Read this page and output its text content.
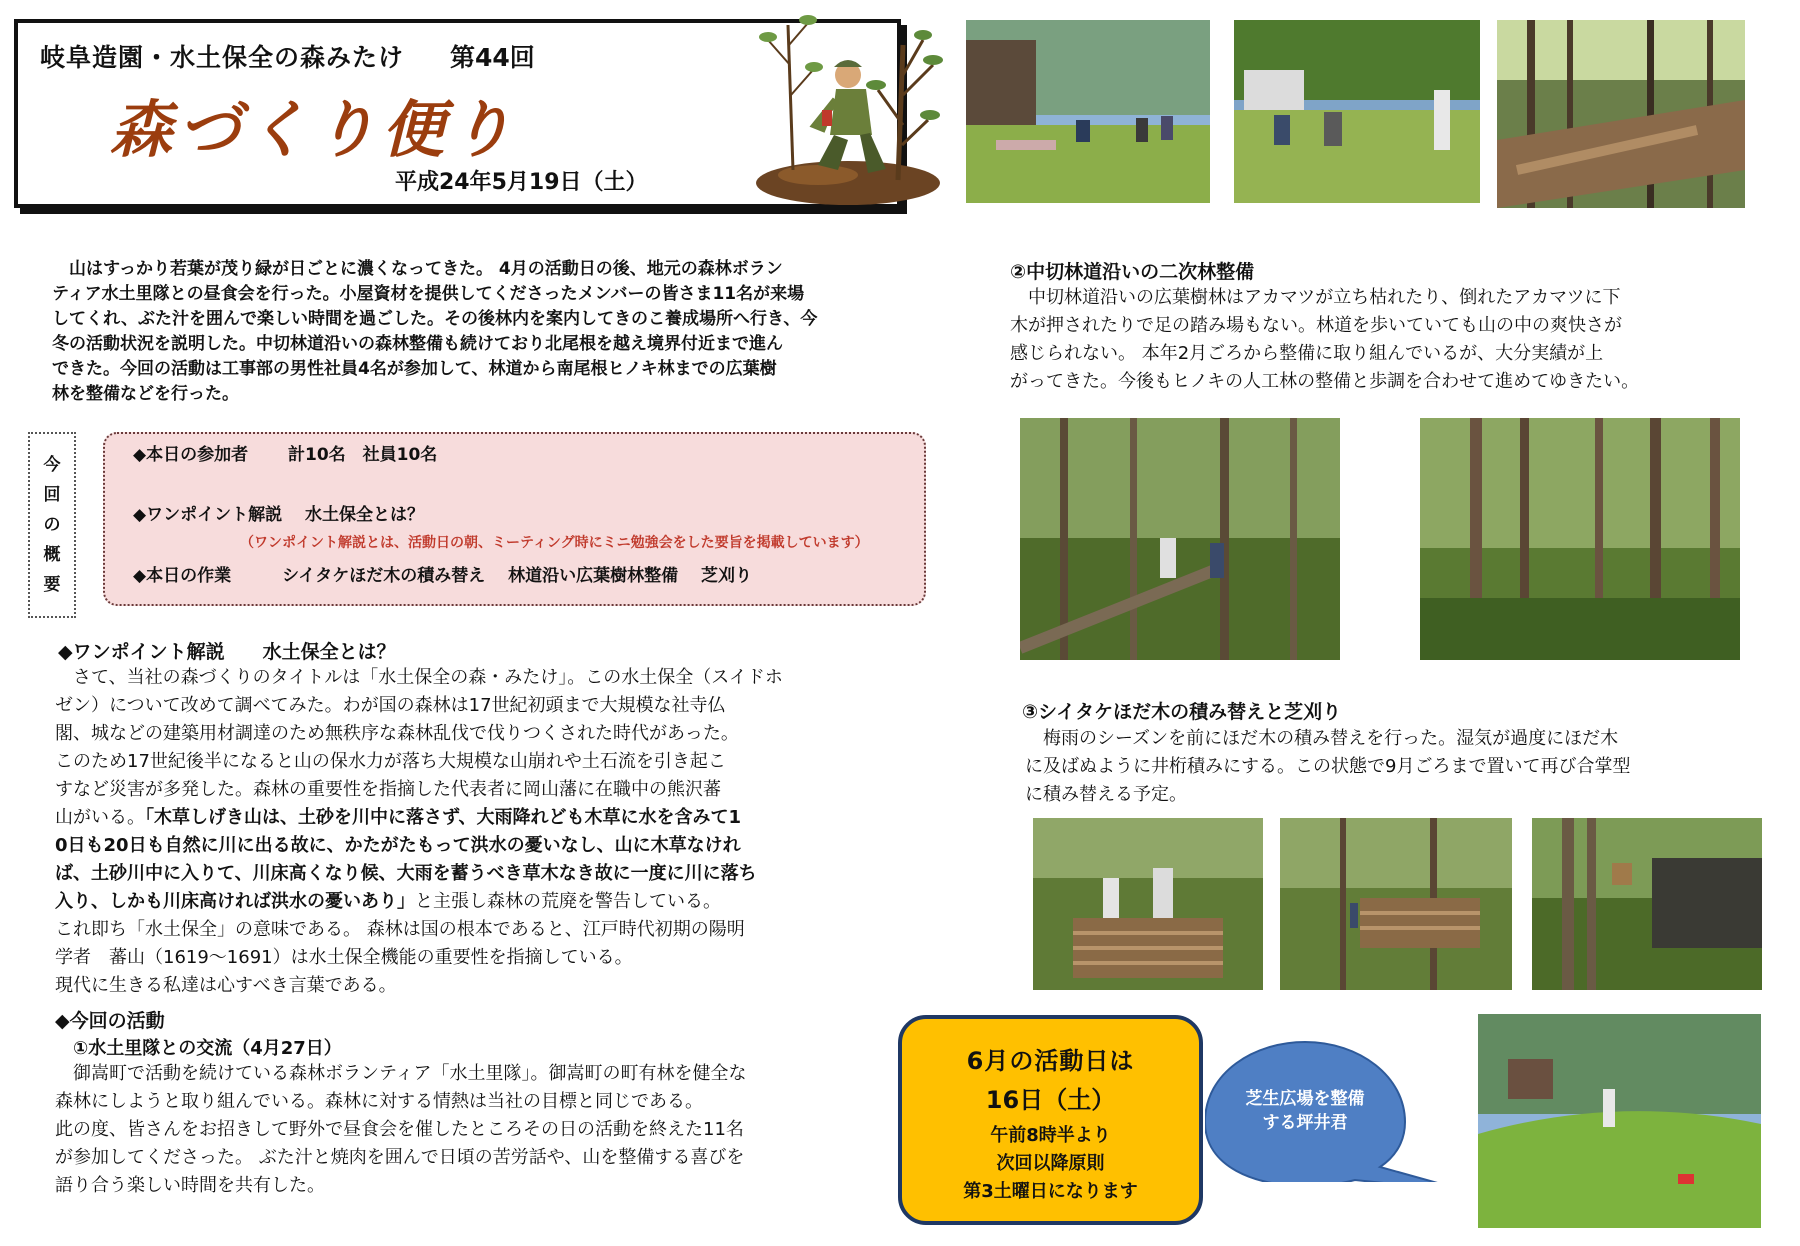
岐阜造園・水土保全の森みたけ 第44回
森づくり便り
平成24年5月19日（土）
　山はすっかり若葉が茂り緑が日ごとに濃くなってきた。 4月の活動日の後、地元の森林ボラン
ティア水土里隊との昼食会を行った。小屋資材を提供してくださったメンバーの皆さま11名が来場
してくれ、ぶた汁を囲んで楽しい時間を過ごした。その後林内を案内してきのこ養成場所へ行き、今
冬の活動状況を説明した。中切林道沿いの森林整備も続けており北尾根を越え境界付近まで進ん
できた。今回の活動は工事部の男性社員4名が参加して、林道から南尾根ヒノキ林までの広葉樹
林を整備などを行った。
今
回
の
概
要
◆本日の参加者　　 計10名　社員10名
◆ワンポイント解説　 水土保全とは？
（ワンポイント解説とは、活動日の朝、ミーティング時にミニ勉強会をした要旨を掲載しています）
◆本日の作業　　　シイタケほだ木の積み替え　 林道沿い広葉樹林整備　 芝刈り
◆ワンポイント解説　　水土保全とは？
　さて、当社の森づくりのタイトルは「水土保全の森・みたけ」。この水土保全（スイドホ
ゼン）について改めて調べてみた。わが国の森林は17世紀初頭まで大規模な社寺仏
閣、城などの建築用材調達のため無秩序な森林乱伐で伐りつくされた時代があった。
このため17世紀後半になると山の保水力が落ち大規模な山崩れや土石流を引き起こ
すなど災害が多発した。森林の重要性を指摘した代表者に岡山藩に在職中の熊沢蕃
山がいる。「木草しげき山は、土砂を川中に落さず、大雨降れども木草に水を含みて1
0日も20日も自然に川に出る故に、かたがたもって洪水の憂いなし、山に木草なけれ
ば、土砂川中に入りて、川床高くなり候、大雨を蓄うべき草木なき故に一度に川に落ち
入り、しかも川床高ければ洪水の憂いあり」と主張し森林の荒廃を警告している。
これ即ち「水土保全」の意味である。 森林は国の根本であると、江戸時代初期の陽明
学者　蕃山（1619～1691）は水土保全機能の重要性を指摘している。
現代に生きる私達は心すべき言葉である。
◆今回の活動
　①水土里隊との交流（4月27日）
　御嵩町で活動を続けている森林ボランティア「水土里隊」。御嵩町の町有林を健全な
森林にしようと取り組んでいる。森林に対する情熱は当社の目標と同じである。
此の度、皆さんをお招きして野外で昼食会を催したところその日の活動を終えた11名
が参加してくださった。 ぶた汁と焼肉を囲んで日頃の苦労話や、山を整備する喜びを
語り合う楽しい時間を共有した。
②中切林道沿いの二次林整備
　中切林道沿いの広葉樹林はアカマツが立ち枯れたり、倒れたアカマツに下
木が押されたりで足の踏み場もない。林道を歩いていても山の中の爽快さが
感じられない。 本年2月ごろから整備に取り組んでいるが、大分実績が上
がってきた。今後もヒノキの人工林の整備と歩調を合わせて進めてゆきたい。
③シイタケほだ木の積み替えと芝刈り
　梅雨のシーズンを前にほだ木の積み替えを行った。湿気が過度にほだ木
に及ばぬように井桁積みにする。この状態で9月ごろまで置いて再び合掌型
に積み替える予定。
6月の活動日は
16日（土）
午前8時半より
次回以降原則
第3土曜日になります
芝生広場を整備
する坪井君
